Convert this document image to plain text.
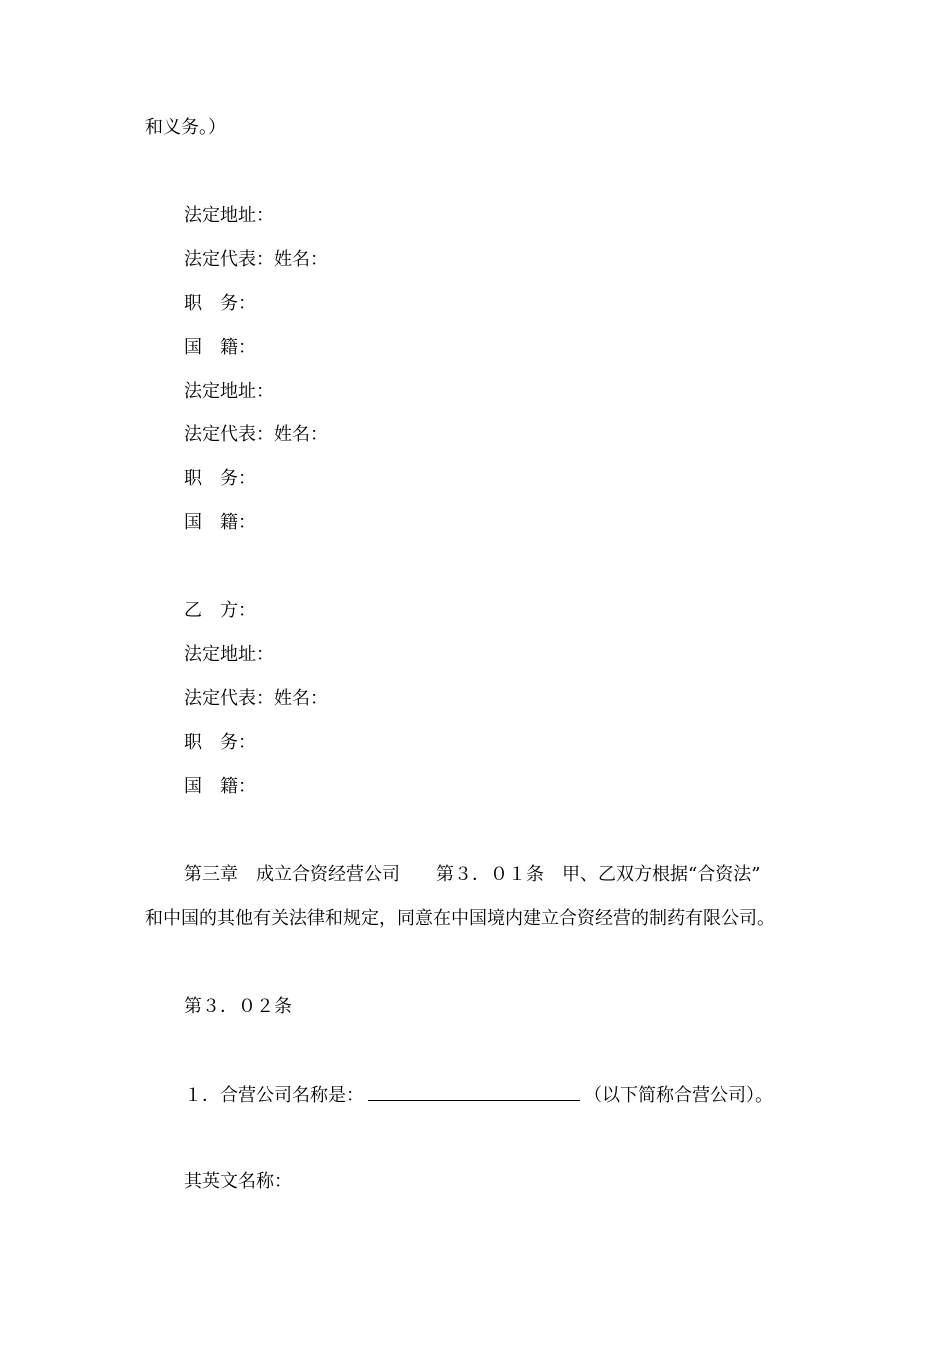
和义务。）
法定地址：
法定代表：姓名：
职　务：
国　籍：
法定地址：
法定代表：姓名：
职　务：
国　籍：
乙　方：
法定地址：
法定代表：姓名：
职　务：
国　籍：
第三章　成立合资经营公司　　第３．０１条　甲、乙双方根据“合资法”
和中国的其他有关法律和规定，同意在中国境内建立合资经营的制药有限公司。
第３．０２条
１．合营公司名称是：	（以下简称合营公司）。
其英文名称：
